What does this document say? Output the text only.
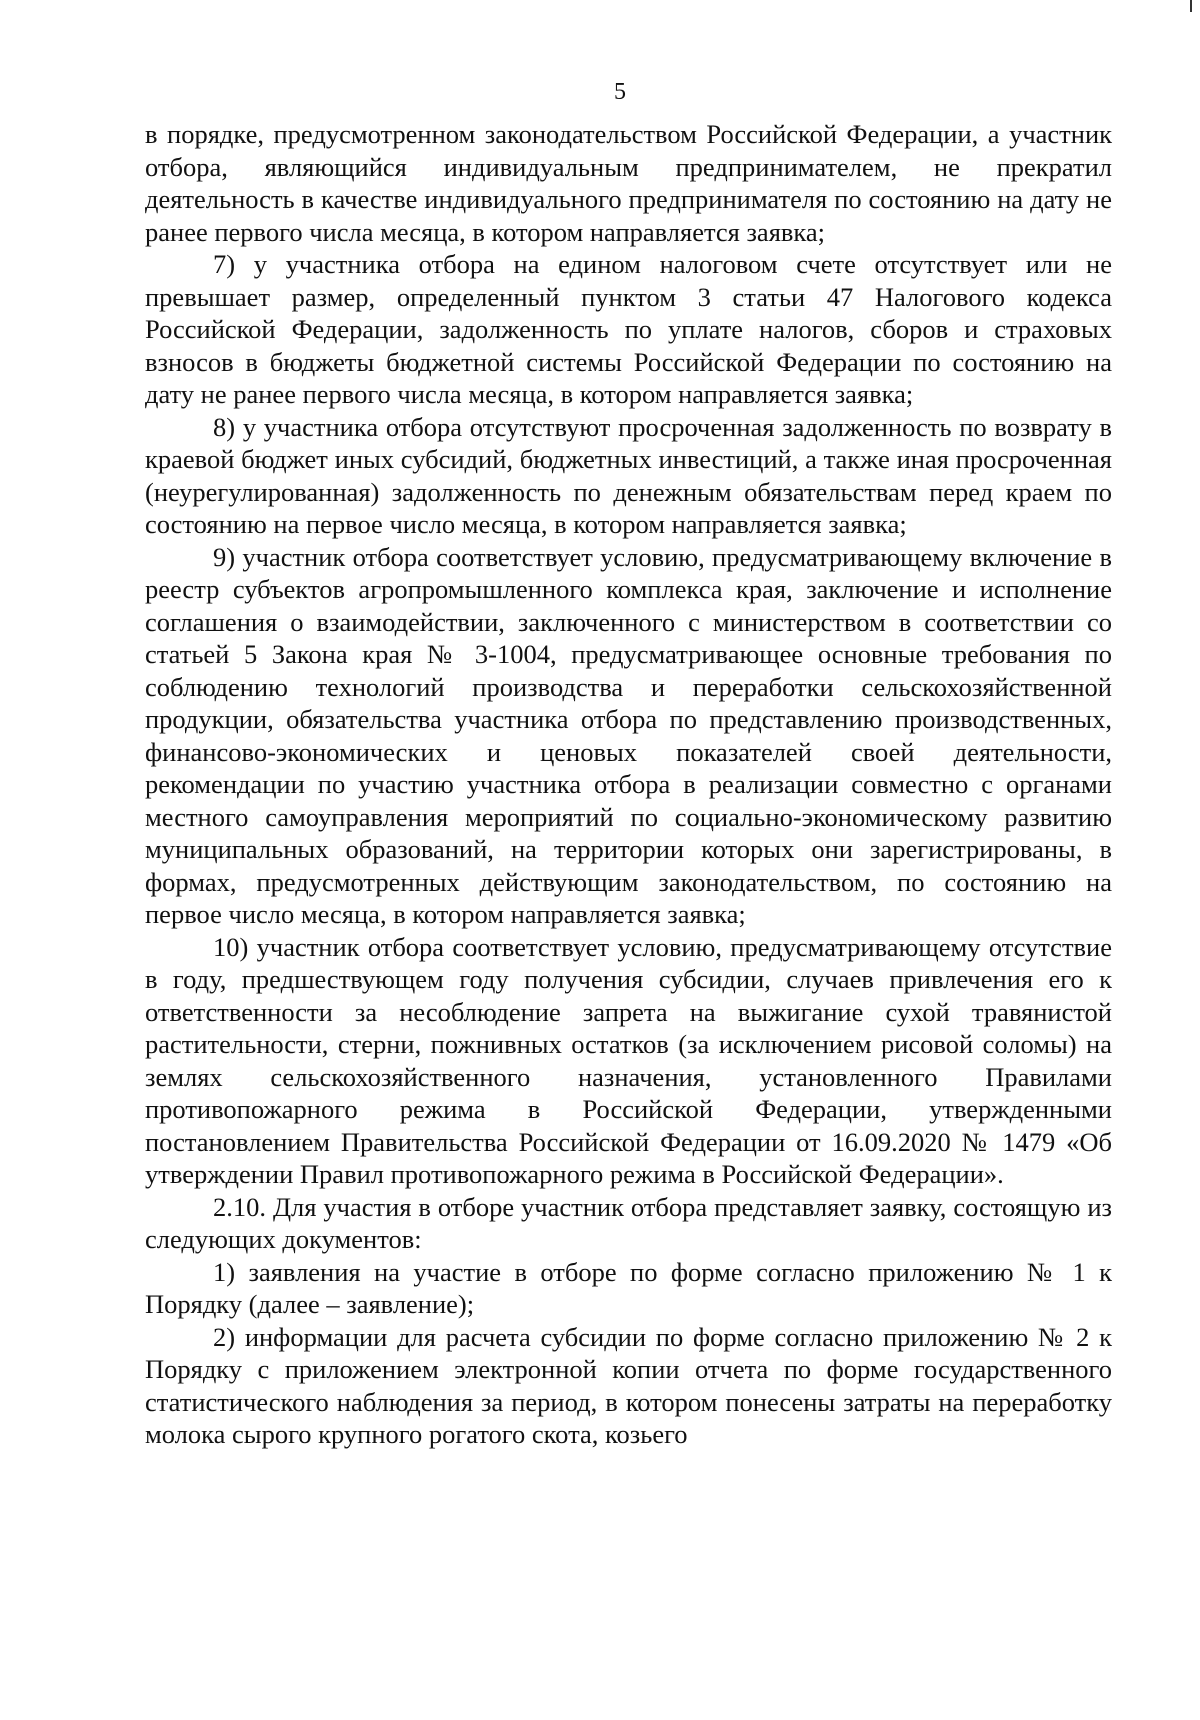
5

в порядке, предусмотренном законодательством Российской Федерации, а участник отбора, являющийся индивидуальным предпринимателем, не прекратил деятельность в качестве индивидуального предпринимателя по состоянию на дату не ранее первого числа месяца, в котором направляется заявка;

7) у участника отбора на едином налоговом счете отсутствует или не превышает размер, определенный пунктом 3 статьи 47 Налогового кодекса Российской Федерации, задолженность по уплате налогов, сборов и страховых взносов в бюджеты бюджетной системы Российской Федерации по состоянию на дату не ранее первого числа месяца, в котором направляется заявка;

8) у участника отбора отсутствуют просроченная задолженность по возврату в краевой бюджет иных субсидий, бюджетных инвестиций, а также иная просроченная (неурегулированная) задолженность по денежным обязательствам перед краем по состоянию на первое число месяца, в котором направляется заявка;

9) участник отбора соответствует условию, предусматривающему включение в реестр субъектов агропромышленного комплекса края, заключение и исполнение соглашения о взаимодействии, заключенного с министерством в соответствии со статьей 5 Закона края № 3-1004, предусматривающее основные требования по соблюдению технологий производства и переработки сельскохозяйственной продукции, обязательства участника отбора по представлению производственных, финансово-экономических и ценовых показателей своей деятельности, рекомендации по участию участника отбора в реализации совместно с органами местного самоуправления мероприятий по социально-экономическому развитию муниципальных образований, на территории которых они зарегистрированы, в формах, предусмотренных действующим законодательством, по состоянию на первое число месяца, в котором направляется заявка;

10) участник отбора соответствует условию, предусматривающему отсутствие в году, предшествующем году получения субсидии, случаев привлечения его к ответственности за несоблюдение запрета на выжигание сухой травянистой растительности, стерни, пожнивных остатков (за исключением рисовой соломы) на землях сельскохозяйственного назначения, установленного Правилами противопожарного режима в Российской Федерации, утвержденными постановлением Правительства Российской Федерации от 16.09.2020 № 1479 «Об утверждении Правил противопожарного режима в Российской Федерации».

2.10. Для участия в отборе участник отбора представляет заявку, состоящую из следующих документов:

1) заявления на участие в отборе по форме согласно приложению № 1 к Порядку (далее – заявление);

2) информации для расчета субсидии по форме согласно приложению № 2 к Порядку с приложением электронной копии отчета по форме государственного статистического наблюдения за период, в котором понесены затраты на переработку молока сырого крупного рогатого скота, козьего
